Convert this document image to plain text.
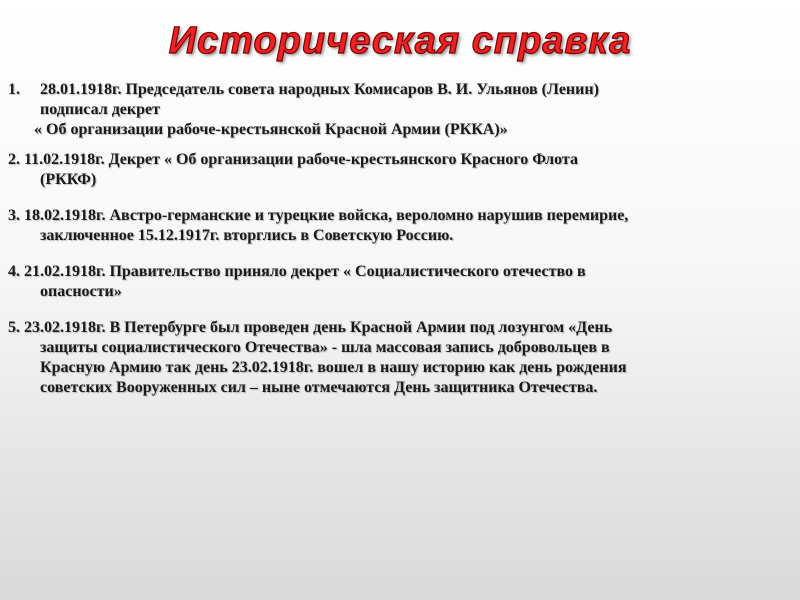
Историческая справка
1.	28.01.1918г. Председатель совета народных Комисаров В. И. Ульянов (Ленин)
подписал декрет
« Об организации рабоче-крестьянской Красной Армии (РККА)»
2. 11.02.1918г. Декрет « Об организации рабоче-крестьянского Красного Флота
(РККФ)
3. 18.02.1918г. Австро-германские и турецкие войска, вероломно нарушив перемирие,
заключенное 15.12.1917г. вторглись в Советскую Россию.
4. 21.02.1918г. Правительство приняло декрет « Социалистического отечество в
опасности»
5. 23.02.1918г. В Петербурге был проведен день Красной Армии под лозунгом «День
защиты социалистического Отечества» - шла массовая запись добровольцев в
Красную Армию так день 23.02.1918г. вошел в нашу историю как день рождения
советских Вооруженных сил – ныне отмечаются День защитника Отечества.
